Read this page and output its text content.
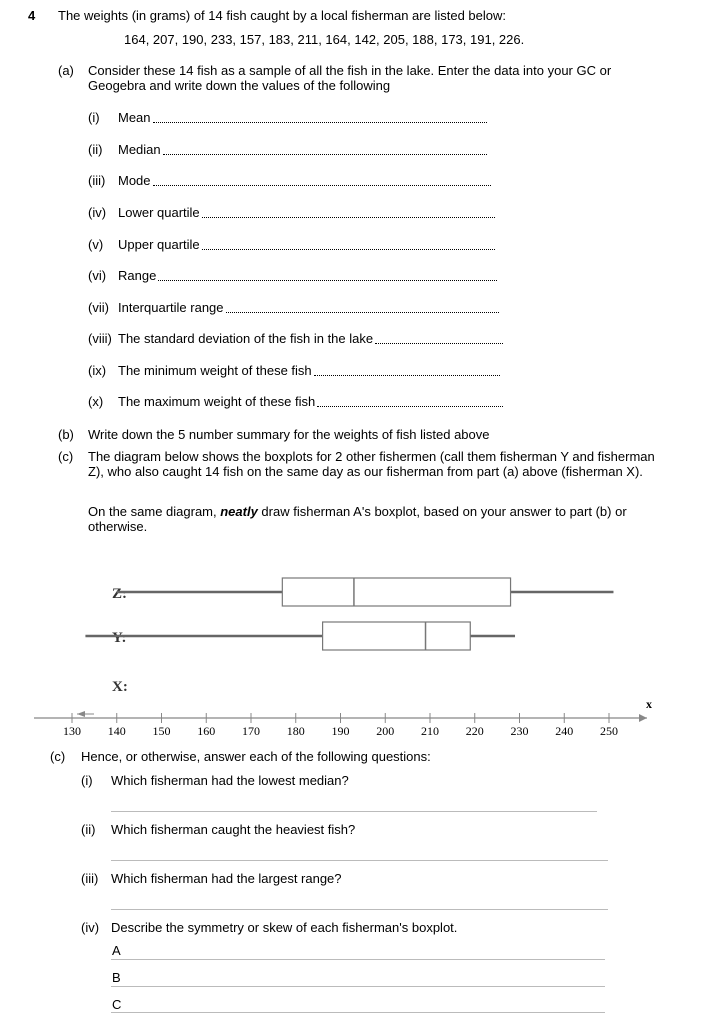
4 The weights (in grams) of 14 fish caught by a local fisherman are listed below:
164, 207, 190, 233, 157, 183, 211, 164, 142, 205, 188, 173, 191, 226.
(a) Consider these 14 fish as a sample of all the fish in the lake. Enter the data into your GC or Geogebra and write down the values of the following
(i) Mean
(ii) Median
(iii) Mode
(iv) Lower quartile
(v) Upper quartile
(vi) Range
(vii) Interquartile range
(viii) The standard deviation of the fish in the lake
(ix) The minimum weight of these fish
(x) The maximum weight of these fish
(b) Write down the 5 number summary for the weights of fish listed above
(c) The diagram below shows the boxplots for 2 other fishermen (call them fisherman Y and fisherman Z), who also caught 14 fish on the same day as our fisherman from part (a) above (fisherman X).
On the same diagram, neatly draw fisherman A's boxplot, based on your answer to part (b) or otherwise.
Z:
Y:
X:
x
130 140 150 160 170 180 190 200 210 220 230 240 250
(c) Hence, or otherwise, answer each of the following questions:
(i) Which fisherman had the lowest median?
(ii) Which fisherman caught the heaviest fish?
(iii) Which fisherman had the largest range?
(iv) Describe the symmetry or skew of each fisherman's boxplot.
A
B
C
